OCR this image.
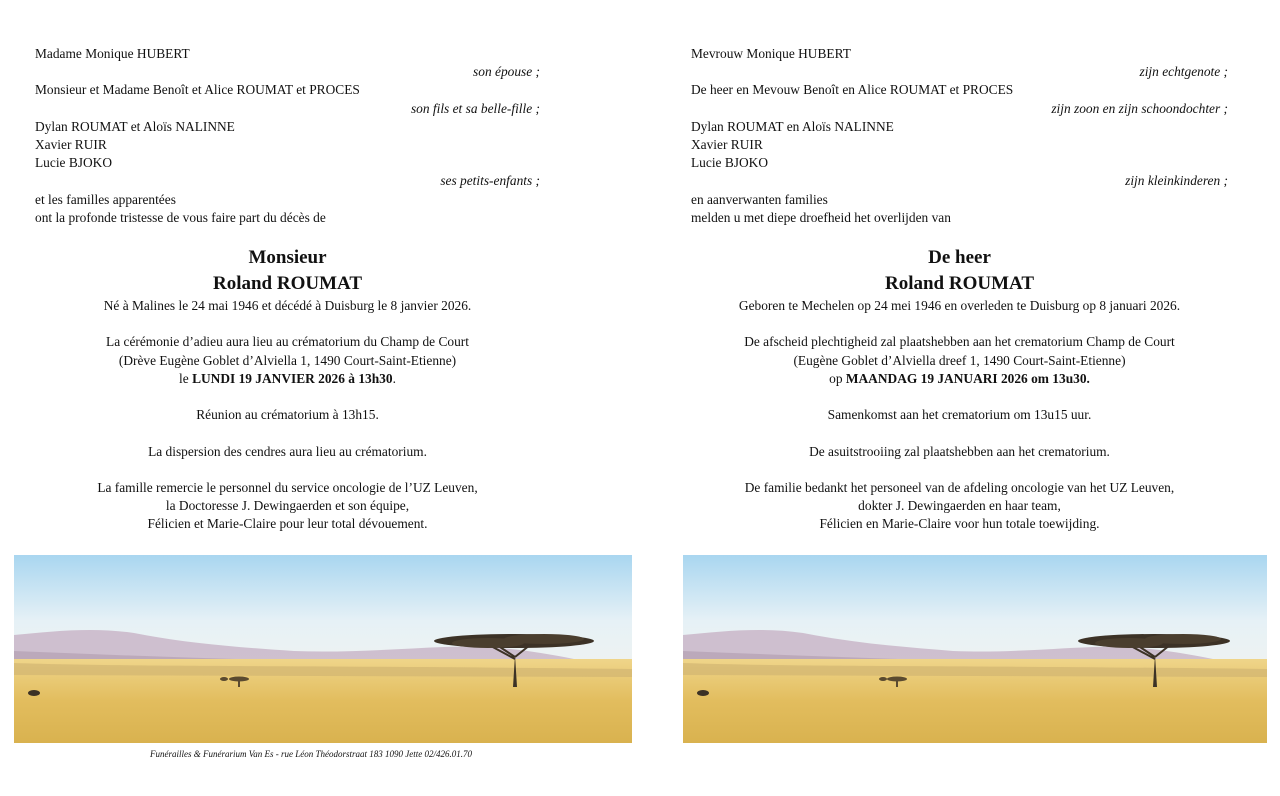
Madame Monique HUBERT
son épouse ;
Monsieur et Madame Benoît et Alice ROUMAT et PROCES
son fils et sa belle-fille ;
Dylan ROUMAT et Aloïs NALINNE
Xavier RUIR
Lucie BJOKO
ses petits-enfants ;
et les familles apparentées
ont la profonde tristesse de vous faire part du décès de
Monsieur
Roland ROUMAT
Né à Malines le 24 mai 1946 et décédé à Duisburg le 8 janvier 2026.
La cérémonie d’adieu aura lieu au crématorium du Champ de Court
(Drève Eugène Goblet d’Alviella 1, 1490 Court-Saint-Etienne)
le LUNDI 19 JANVIER 2026 à 13h30.
Réunion au crématorium à 13h15.
La dispersion des cendres aura lieu au crématorium.
La famille remercie le personnel du service oncologie de l’UZ Leuven,
la Doctoresse J. Dewingaerden et son équipe,
Félicien et Marie-Claire pour leur total dévouement.
Funérailles & Funérarium Van Es - rue Léon Théodorstraat 183 1090 Jette 02/426.01.70
Mevrouw Monique HUBERT
zijn echtgenote ;
De heer en Mevouw Benoît en Alice ROUMAT et PROCES
zijn zoon en zijn schoondochter ;
Dylan ROUMAT en Aloïs NALINNE
Xavier RUIR
Lucie BJOKO
zijn kleinkinderen ;
en aanverwanten families
melden u met diepe droefheid het overlijden van
De heer
Roland ROUMAT
Geboren te Mechelen op 24 mei 1946 en overleden te Duisburg op 8 januari 2026.
De afscheid plechtigheid zal plaatshebben aan het crematorium Champ de Court
(Eugène Goblet d’Alviella dreef 1, 1490 Court-Saint-Etienne)
op MAANDAG 19 JANUARI 2026 om 13u30.
Samenkomst aan het crematorium om 13u15 uur.
De asuitstrooiing zal plaatshebben aan het crematorium.
De familie bedankt het personeel van de afdeling oncologie van het UZ Leuven,
dokter J. Dewingaerden en haar team,
Félicien en Marie-Claire voor hun totale toewijding.
